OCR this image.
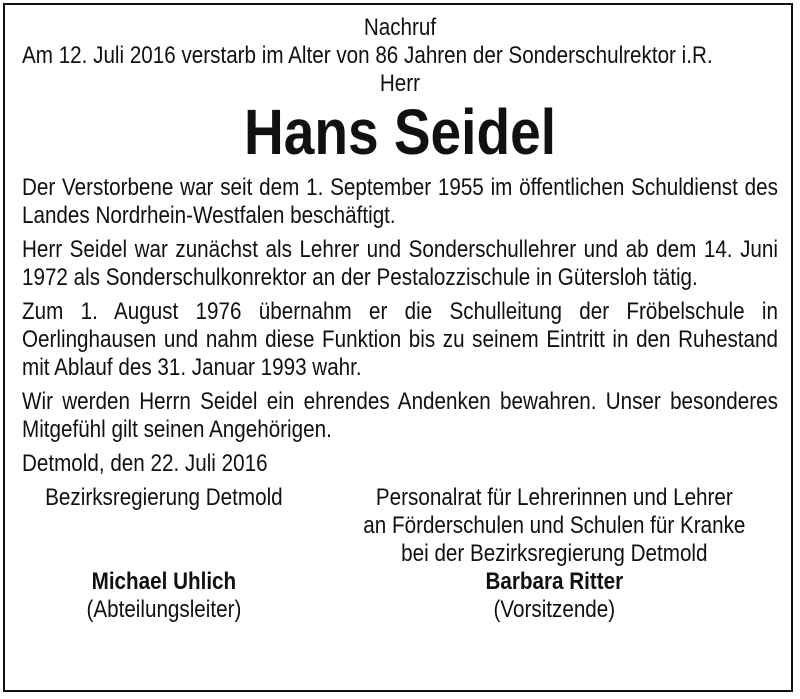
Nachruf

Am 12. Juli 2016 verstarb im Alter von 86 Jahren der Sonderschulrektor i.R.

Herr
Hans Seidel

Der Verstorbene war seit dem 1. September 1955 im öffentlichen Schuldienst des Landes Nordrhein-Westfalen beschäftigt.

Herr Seidel war zunächst als Lehrer und Sonderschullehrer und ab dem 14. Juni 1972 als Sonderschulkonrektor an der Pestalozzischule in Gütersloh tätig.

Zum 1. August 1976 übernahm er die Schulleitung der Fröbelschule in Oerlinghausen und nahm diese Funktion bis zu seinem Eintritt in den Ruhestand mit Ablauf des 31. Januar 1993 wahr.

Wir werden Herrn Seidel ein ehrendes Andenken bewahren. Unser besonderes Mitgefühl gilt seinen Angehörigen.

Detmold, den 22. Juli 2016
Bezirksregierung Detmold
Michael Uhlich
(Abteilungsleiter)
Personalrat für Lehrerinnen und Lehrer
an Förderschulen und Schulen für Kranke
bei der Bezirksregierung Detmold
Barbara Ritter
(Vorsitzende)
